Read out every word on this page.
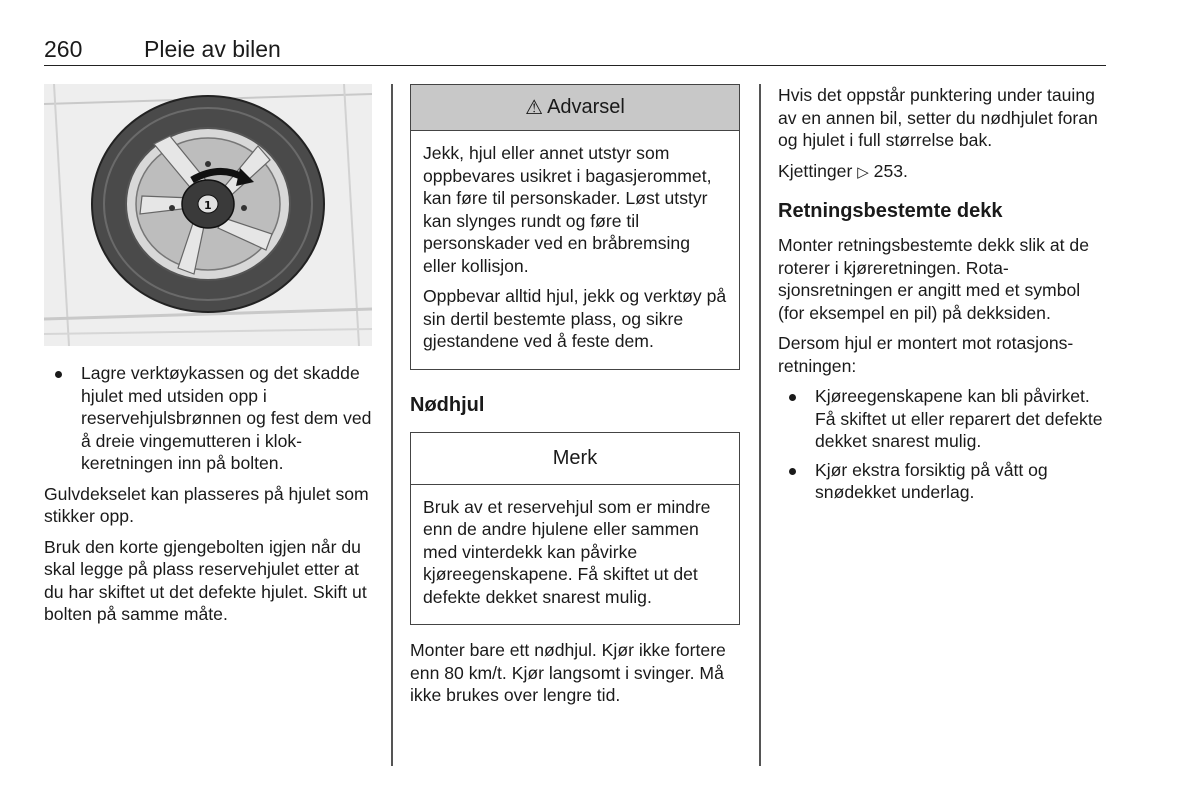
260	Pleie av bilen
1
Lagre verktøykassen og det skadde hjulet med utsiden opp i reservehjulsbrønnen og fest dem ved å dreie vingemutteren i klokkeretningen inn på bolten.

Gulvdekselet kan plasseres på hjulet som stikker opp.

Bruk den korte gjengebolten igjen når du skal legge på plass reservehjulet etter at du har skiftet ut det defekte hjulet. Skift ut bolten på samme måte.

⚠ Advarsel

Jekk, hjul eller annet utstyr som oppbevares usikret i bagasjerommet, kan føre til personskader. Løst utstyr kan slynges rundt og føre til personskader ved en bråbremsing eller kollisjon.

Oppbevar alltid hjul, jekk og verktøy på sin dertil bestemte plass, og sikre gjestandene ved å feste dem.

Nødhjul
Merk

Bruk av et reservehjul som er mindre enn de andre hjulene eller sammen med vinterdekk kan påvirke kjøreegenskapene. Få skiftet ut det defekte dekket snarest mulig.

Monter bare ett nødhjul. Kjør ikke fortere enn 80 km/t. Kjør langsomt i svinger. Må ikke brukes over lengre tid.

Hvis det oppstår punktering under tauing av en annen bil, setter du nødhjulet foran og hjulet i full størrelse bak.

Kjettinger ▷ 253.

Retningsbestemte dekk

Monter retningsbestemte dekk slik at de roterer i kjøreretningen. Rotasjonsretningen er angitt med et symbol (for eksempel en pil) på dekksiden.

Dersom hjul er montert mot rotasjonsretningen:

Kjøreegenskapene kan bli påvirket. Få skiftet ut eller reparert det defekte dekket snarest mulig.
Kjør ekstra forsiktig på vått og snødekket underlag.
